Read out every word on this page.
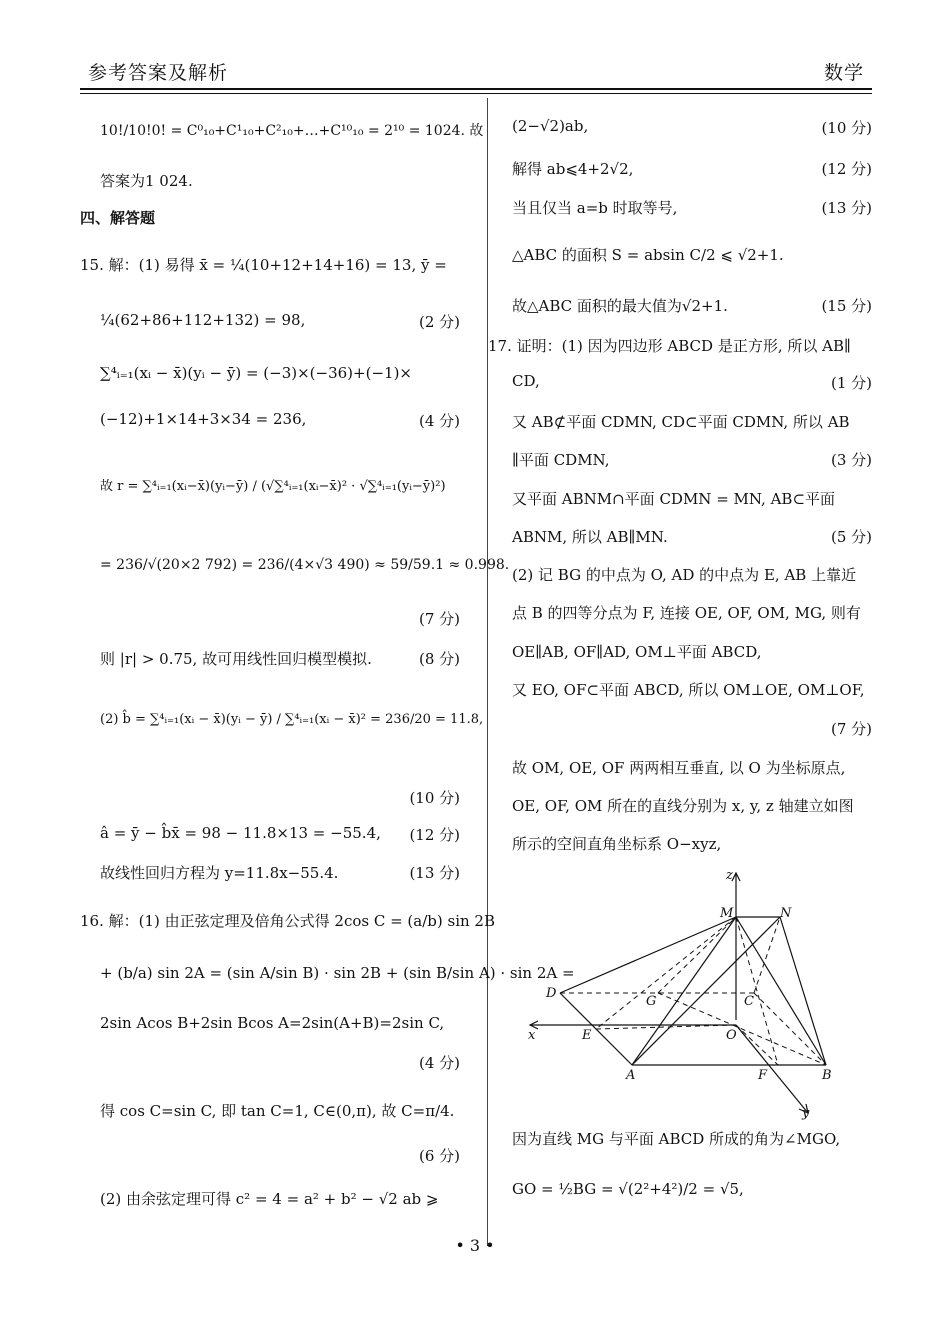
参考答案及解析	数学
10!/10!0! = C⁰₁₀+C¹₁₀+C²₁₀+…+C¹⁰₁₀ = 2¹⁰ = 1024. 故
答案为1 024.
四、解答题
15. 解：(1) 易得 x̄ = ¼(10+12+14+16) = 13, ȳ =
¼(62+86+112+132) = 98,	(2 分)
∑⁴ᵢ₌₁(xᵢ − x̄)(yᵢ − ȳ) = (−3)×(−36)+(−1)×
(−12)+1×14+3×34 = 236,	(4 分)
故 r = ∑⁴ᵢ₌₁(xᵢ−x̄)(yᵢ−ȳ) / (√∑⁴ᵢ₌₁(xᵢ−x̄)² · √∑⁴ᵢ₌₁(yᵢ−ȳ)²)
= 236/√(20×2 792) = 236/(4×√3 490) ≈ 59/59.1 ≈ 0.998.
(7 分)
则 |r| > 0.75, 故可用线性回归模型模拟.	(8 分)
(2) b̂ = ∑⁴ᵢ₌₁(xᵢ − x̄)(yᵢ − ȳ) / ∑⁴ᵢ₌₁(xᵢ − x̄)² = 236/20 = 11.8,
(10 分)
â = ȳ − b̂x̄ = 98 − 11.8×13 = −55.4, (12 分)
故线性回归方程为 y=11.8x−55.4.	(13 分)
16. 解：(1) 由正弦定理及倍角公式得 2cos C = (a/b) sin 2B
+ (b/a) sin 2A = (sin A/sin B) · sin 2B + (sin B/sin A) · sin 2A =
2sin Acos B+2sin Bcos A=2sin(A+B)=2sin C,
(4 分)
得 cos C=sin C, 即 tan C=1, C∈(0,π), 故 C=π/4.
(6 分)
(2) 由余弦定理可得 c² = 4 = a² + b² − √2 ab ⩾
(2−√2)ab,	(10 分)
解得 ab⩽4+2√2,	(12 分)
当且仅当 a=b 时取等号,	(13 分)
△ABC 的面积 S = absin C/2 ⩽ √2+1.
故△ABC 面积的最大值为√2+1.	(15 分)
17. 证明：(1) 因为四边形 ABCD 是正方形, 所以 AB∥
CD,	(1 分)
又 AB⊄平面 CDMN, CD⊂平面 CDMN, 所以 AB
∥平面 CDMN,	(3 分)
又平面 ABNM∩平面 CDMN = MN, AB⊂平面
ABNM, 所以 AB∥MN.	(5 分)
(2) 记 BG 的中点为 O, AD 的中点为 E, AB 上靠近
点 B 的四等分点为 F, 连接 OE, OF, OM, MG, 则有
OE∥AB, OF∥AD, OM⊥平面 ABCD,
又 EO, OF⊂平面 ABCD, 所以 OM⊥OE, OM⊥OF,
(7 分)
故 OM, OE, OF 两两相互垂直, 以 O 为坐标原点,
OE, OF, OM 所在的直线分别为 x, y, z 轴建立如图
所示的空间直角坐标系 O−xyz,
因为直线 MG 与平面 ABCD 所成的角为∠MGO,
GO = ½BG = √(2²+4²)/2 = √5,
z
M	N
D
G	C
x	E	O
A	F	B
y
• 3 •
